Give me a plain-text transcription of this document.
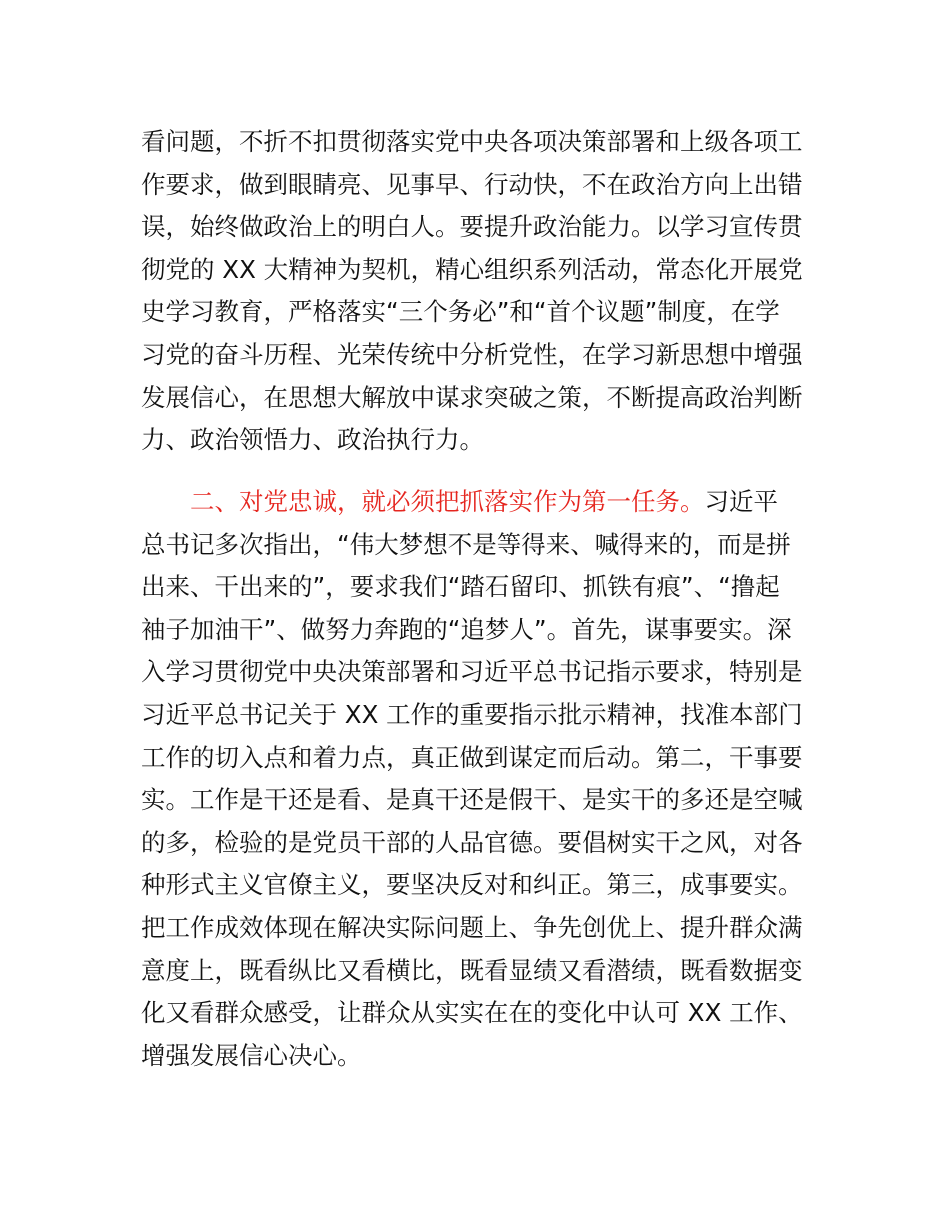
看问题，不折不扣贯彻落实党中央各项决策部署和上级各项工
作要求，做到眼睛亮、见事早、行动快，不在政治方向上出错
误，始终做政治上的明白人。要提升政治能力。以学习宣传贯
彻党的 XX 大精神为契机，精心组织系列活动，常态化开展党
史学习教育，严格落实“三个务必”和“首个议题”制度，在学
习党的奋斗历程、光荣传统中分析党性，在学习新思想中增强
发展信心，在思想大解放中谋求突破之策，不断提高政治判断
力、政治领悟力、政治执行力。
二、对党忠诚，就必须把抓落实作为第一任务。习近平
总书记多次指出，“伟大梦想不是等得来、喊得来的，而是拼
出来、干出来的”，要求我们“踏石留印、抓铁有痕”、“撸起
袖子加油干”、做努力奔跑的“追梦人”。首先，谋事要实。深
入学习贯彻党中央决策部署和习近平总书记指示要求，特别是
习近平总书记关于 XX 工作的重要指示批示精神，找准本部门
工作的切入点和着力点，真正做到谋定而后动。第二，干事要
实。工作是干还是看、是真干还是假干、是实干的多还是空喊
的多，检验的是党员干部的人品官德。要倡树实干之风，对各
种形式主义官僚主义，要坚决反对和纠正。第三，成事要实。
把工作成效体现在解决实际问题上、争先创优上、提升群众满
意度上，既看纵比又看横比，既看显绩又看潜绩，既看数据变
化又看群众感受，让群众从实实在在的变化中认可 XX 工作、
增强发展信心决心。
